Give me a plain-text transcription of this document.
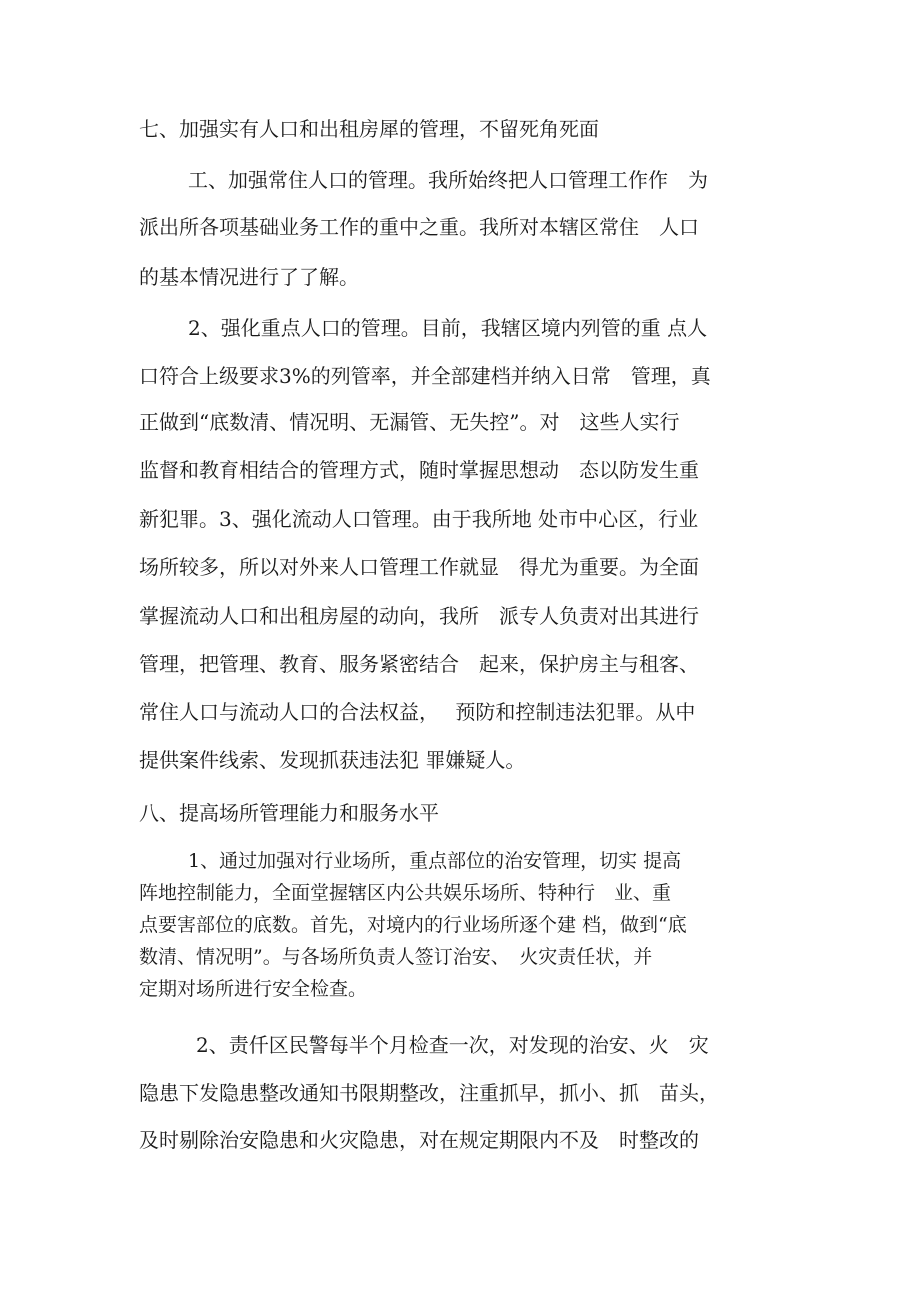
七、加强实有人口和出租房犀的管理，不留死角死面
工、加强常住人口的管理。我所始终把人口管理工作作　为
派出所各项基础业务工作的重中之重。我所对本辖区常住　人口
的基本情况进行了了解。
2、强化重点人口的管理。目前，我辖区境内列管的重 点人
口符合上级要求3%的列管率，并全部建档并纳入日常　管理，真
正做到“底数清、情况明、无漏管、无失控”。对　这些人实行
监督和教育相结合的管理方式，随时掌握思想动　态以防发生重
新犯罪。3、强化流动人口管理。由于我所地 处市中心区，行业
场所较多，所以对外来人口管理工作就显　得尤为重要。为全面
掌握流动人口和出租房屋的动向，我所　派专人负责对出其进行
管理，把管理、教育、服务紧密结合　起来，保护房主与租客、
常住人口与流动人口的合法权益，　 预防和控制违法犯罪。从中
提供案件线索、发现抓获违法犯 罪嫌疑人。
八、提高场所管理能力和服务水平
1、通过加强对行业场所，重点部位的治安管理，切实 提高
阵地控制能力，全面堂握辖区内公共娱乐场所、特种行　业、重
点要害部位的底数。首先，对境内的行业场所逐个建 档，做到“底
数清、情况明”。与各场所负责人签订治安、　火灾责任状，并
定期对场所进行安全检查。
2、责仟区民警每半个月检查一次，对发现的治安、火　灾
隐患下发隐患整改通知书限期整改，注重抓早，抓小、抓　苗头，
及时剔除治安隐患和火灾隐患，对在规定期限内不及　时整改的
